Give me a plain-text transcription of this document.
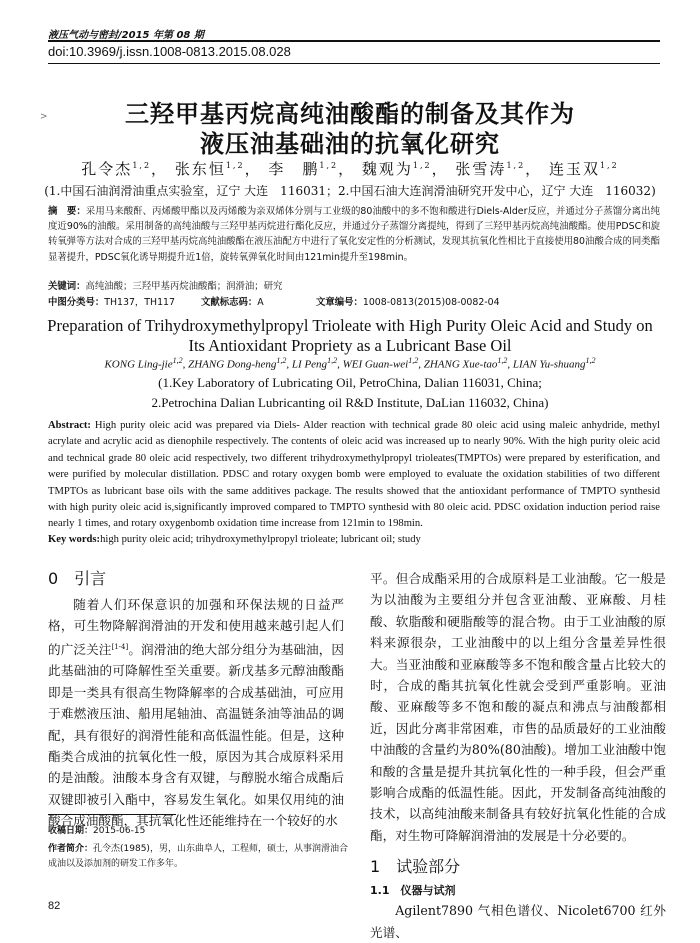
液压气动与密封/2015 年第 08 期
doi:10.3969/j.issn.1008-0813.2015.08.028
>	三羟甲基丙烷高纯油酸酯的制备及其作为
液压油基础油的抗氧化研究
孔令杰$^{1,2}$， 张东恒$^{1,2}$， 李　鹏$^{1,2}$， 魏观为$^{1,2}$， 张雪涛$^{1,2}$， 连玉双$^{1,2}$
(1.中国石油润滑油重点实验室，辽宁 大连　116031；2.中国石油大连润滑油研究开发中心，辽宁 大连　116032)
摘　要：采用马来酸酐、丙烯酸甲酯以及丙烯酸为亲双烯体分别与工业级的80油酸中的多不饱和酸进行Diels-Alder反应，并通过分子蒸馏分离出纯度近90%的油酸。采用制备的高纯油酸与三羟甲基丙烷进行酯化反应，并通过分子蒸馏分离提纯，得到了三羟甲基丙烷高纯油酸酯。使用PDSC和旋转氧弹等方法对合成的三羟甲基丙烷高纯油酸酯在液压油配方中进行了氧化安定性的分析测试，发现其抗氧化性相比于直接使用80油酸合成的同类酯显著提升，PDSC氧化诱导期提升近1倍，旋转氧弹氧化时间由121min提升至198min。
关键词：高纯油酸；三羟甲基丙烷油酸酯；润滑油；研究
中图分类号：TH137，TH117	文献标志码：A	文章编号：1008-0813(2015)08-0082-04
Preparation of Trihydroxymethylpropyl Trioleate with High Purity Oleic Acid and Study on
Its Antioxidant Propriety as a Lubricant Base Oil
KONG Ling-jie$^{1,2}$, ZHANG Dong-heng$^{1,2}$, LI Peng$^{1,2}$, WEI Guan-wei$^{1,2}$, ZHANG Xue-tao$^{1,2}$, LIAN Yu-shuang$^{1,2}$
(1.Key Laboratory of Lubricating Oil, PetroChina, Dalian 116031, China;
2.Petrochina Dalian Lubricanting oil R&D Institute, DaLian 116032, China)
Abstract: High purity oleic acid was prepared via Diels- Alder reaction with technical grade 80 oleic acid using maleic anhydride, methyl acrylate and acrylic acid as dienophile respectively. The contents of oleic acid was increased up to nearly 90%. With the high purity oleic acid and technical grade 80 oleic acid respectively, two different trihydroxymethylpropyl trioleates(TMPTOs) were prepared by esterification, and were purified by molecular distillation. PDSC and rotary oxygen bomb were employed to evaluate the oxidation stabilities of two different TMPTOs as lubricant base oils with the same additives package. The results showed that the antioxidant performance of TMPTO synthesid with high purity oleic acid is,significantly improved compared to TMPTO synthesid with 80 oleic acid. PDSC oxidation induction period raise nearly 1 times, and rotary oxygenbomb oxidation time increase from 121min to 198min.
Key words:high purity oleic acid; trihydroxymethylpropyl trioleate; lubricant oil; study
0　引言

随着人们环保意识的加强和环保法规的日益严格，可生物降解润滑油的开发和使用越来越引起人们的广泛关注[1-4]。润滑油的绝大部分组分为基础油，因此基础油的可降解性至关重要。新戊基多元醇油酸酯即是一类具有很高生物降解率的合成基础油，可应用于难燃液压油、船用尾轴油、高温链条油等油品的调配，具有很好的润滑性能和高低温性能。但是，这种酯类合成油的抗氧化性一般，原因为其合成原料采用的是油酸。油酸本身含有双键，与醇脱水缩合成酯后双键即被引入酯中，容易发生氧化。如果仅用纯的油酸合成油酸酯，其抗氧化性还能维持在一个较好的水

平。但合成酯采用的合成原料是工业油酸。它一般是为以油酸为主要组分并包含亚油酸、亚麻酸、月桂酸、软脂酸和硬脂酸等的混合物。由于工业油酸的原料来源很杂，工业油酸中的以上组分含量差异性很大。当亚油酸和亚麻酸等多不饱和酸含量占比较大的时，合成的酯其抗氧化性就会受到严重影响。亚油酸、亚麻酸等多不饱和酸的凝点和沸点与油酸都相近，因此分离非常困难，市售的品质最好的工业油酸中油酸的含量约为80%(80油酸)。增加工业油酸中饱和酸的含量是提升其抗氧化性的一种手段，但会严重影响合成酯的低温性能。因此，开发制备高纯油酸的技术，以高纯油酸来制备具有较好抗氧化性能的合成酯，对生物可降解润滑油的发展是十分必要的。

1　试验部分
1.1　仪器与试剂

Agilent7890 气相色谱仪、Nicolet6700 红外光谱、

收稿日期：2015-06-15
作者简介：孔令杰(1985)，男，山东曲阜人，工程师，硕士，从事润滑油合成油以及添加剂的研发工作多年。
82
